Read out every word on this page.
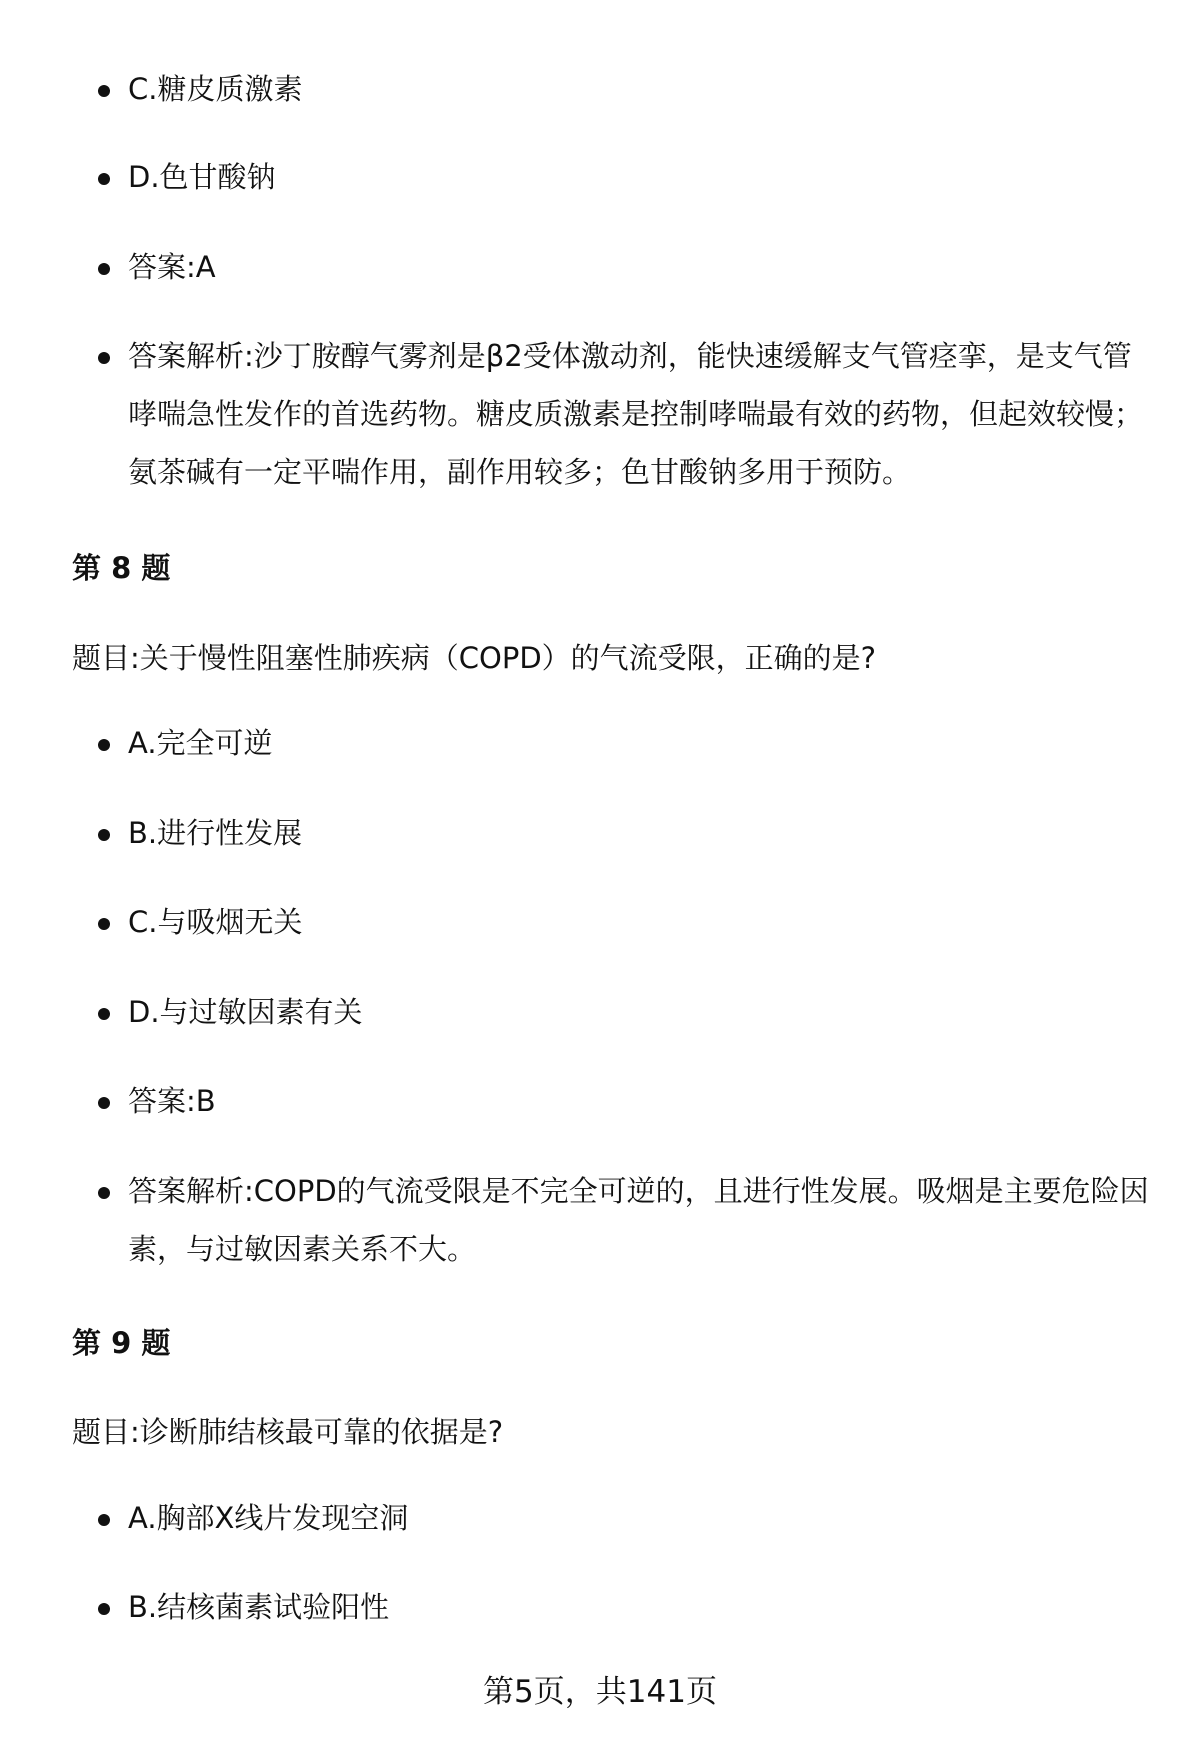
C.糖皮质激素
D.色甘酸钠
答案:A
答案解析:沙丁胺醇气雾剂是β2受体激动剂，能快速缓解支气管痉挛，是支气管哮喘急性发作的首选药物。糖皮质激素是控制哮喘最有效的药物，但起效较慢；氨茶碱有一定平喘作用，副作用较多；色甘酸钠多用于预防。
第 8 题
题目:关于慢性阻塞性肺疾病（COPD）的气流受限，正确的是?
A.完全可逆
B.进行性发展
C.与吸烟无关
D.与过敏因素有关
答案:B
答案解析:COPD的气流受限是不完全可逆的，且进行性发展。吸烟是主要危险因素，与过敏因素关系不大。
第 9 题
题目:诊断肺结核最可靠的依据是?
A.胸部X线片发现空洞
B.结核菌素试验阳性
第5页，共141页
